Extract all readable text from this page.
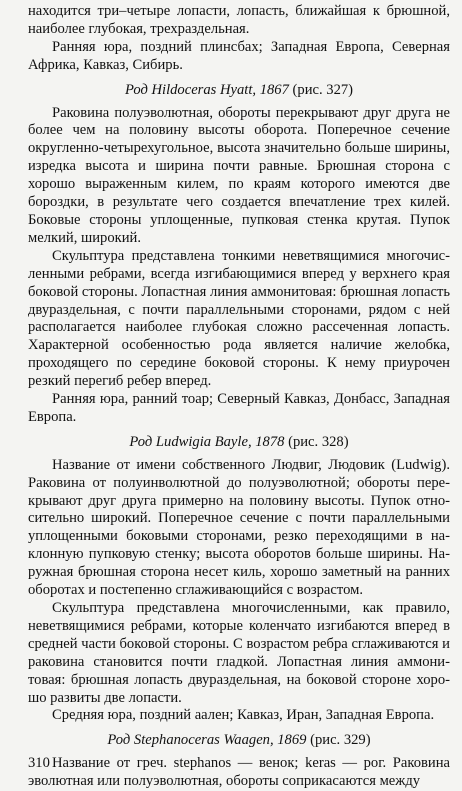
находится три–четыре лопасти, лопасть, ближайшая к брюшной, наиболее глубокая, трехраздельная.

Ранняя юра, поздний плинсбах; Западная Европа, Северная Африка, Кавказ, Сибирь.

Род Hildoceras Hyatt, 1867 (рис. 327)

Раковина полуэволютная, обороты перекрывают друг друга не более чем на половину высоты оборота. Поперечное сечение округленно-четырехугольное, высота значительно больше ширины, изредка высота и ширина почти равные. Брюшная сторона с хорошо выраженным килем, по краям которого имеются две бороздки, в результате чего создается впечатление трех килей. Боковые стороны уплощенные, пупковая стенка крутая. Пупок мелкий, широкий.

Скульптура представлена тонкими неветвящимися многочисленными ребрами, всегда изгибающимися вперед у верхнего края боковой стороны. Лопастная линия аммонитовая: брюшная лопасть двураздельная, с почти параллельными сторонами, рядом с ней располагается наиболее глубокая сложно рассеченная лопасть. Характерной особенностью рода является наличие желобка, проходящего по середине боковой стороны. К нему приурочен резкий перегиб ребер вперед.

Ранняя юра, ранний тоар; Северный Кавказ, Донбасс, Западная Европа.

Род Ludwigia Bayle, 1878 (рис. 328)

Название от имени собственного Людвиг, Людовик (Ludwig). Раковина от полуинволютной до полуэволютной; обороты перекрывают друг друга примерно на половину высоты. Пупок относительно широкий. Поперечное сечение с почти параллельными уплощенными боковыми сторонами, резко переходящими в наклонную пупковую стенку; высота оборотов больше ширины. Наружная брюшная сторона несет киль, хорошо заметный на ранних оборотах и постепенно сглаживающийся с возрастом.

Скульптура представлена многочисленными, как правило, неветвящимися ребрами, которые коленчато изгибаются вперед в средней части боковой стороны. С возрастом ребра сглаживаются и раковина становится почти гладкой. Лопастная линия аммонитовая: брюшная лопасть двураздельная, на боковой стороне хорошо развиты две лопасти.

Средняя юра, поздний аален; Кавказ, Иран, Западная Европа.

Род Stephanoceras Waagen, 1869 (рис. 329)

Название от греч. stephanos — венок; keras — рог. Раковина эволютная или полуэволютная, обороты соприкасаются между

310
